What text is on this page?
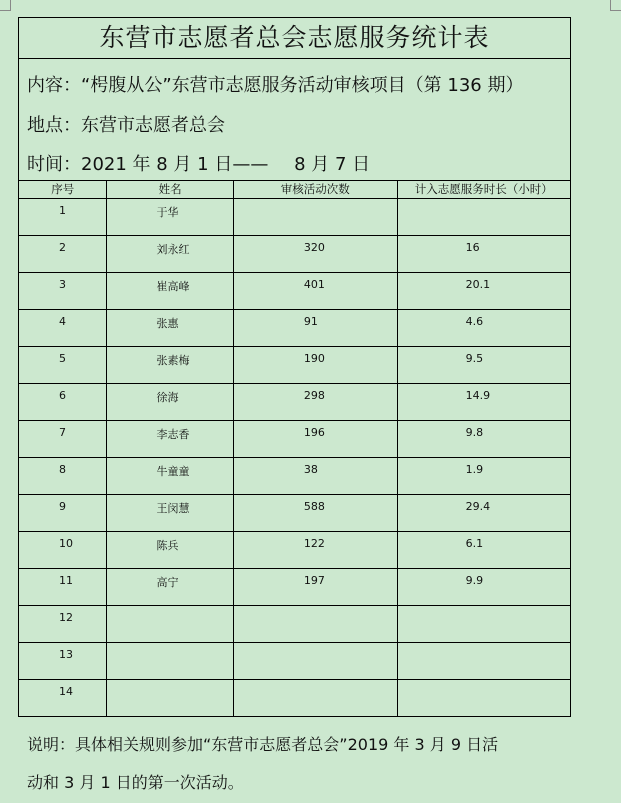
东营市志愿者总会志愿服务统计表
内容：“枵腹从公”东营市志愿服务活动审核项目（第 136 期）
地点：东营市志愿者总会
时间：2021 年 8 月 1 日—— 8 月 7 日
序号	姓名	审核活动次数	计入志愿服务时长（小时）

1	于华		

2	刘永红	320	16

3	崔高峰	401	20.1

4	张惠	91	4.6

5	张素梅	190	9.5

6	徐海	298	14.9

7	李志香	196	9.8

8	牛童童	38	1.9

9	王闵慧	588	29.4

10	陈兵	122	6.1

11	高宁	197	9.9

12			

13			

14			

说明：具体相关规则参加“东营市志愿者总会”2019 年 3 月 9 日活
动和 3 月 1 日的第一次活动。
